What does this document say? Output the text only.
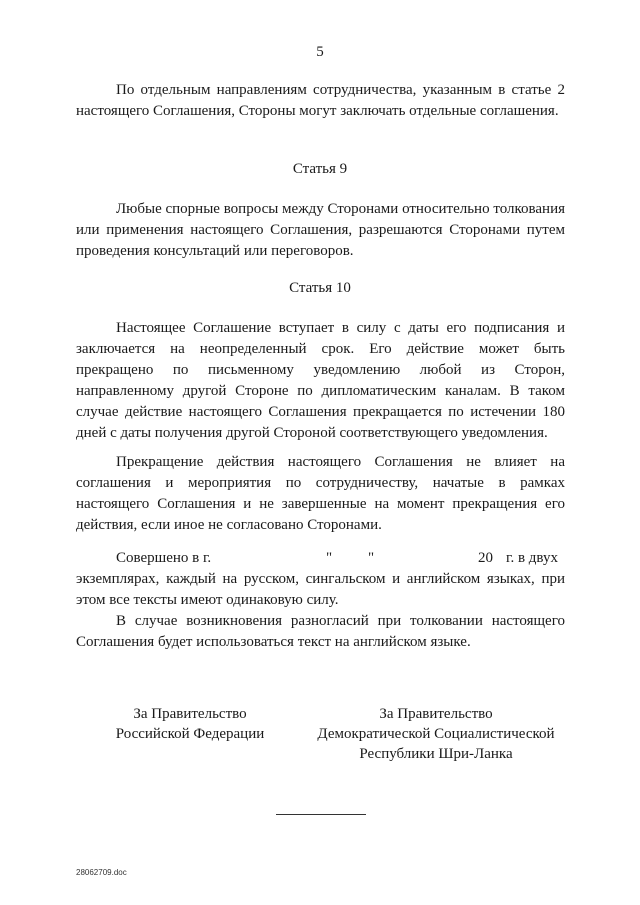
5

По отдельным направлениям сотрудничества, указанным в статье 2 настоящего Соглашения, Стороны могут заключать отдельные соглашения.

Статья 9

Любые спорные вопросы между Сторонами относительно толкования или применения настоящего Соглашения, разрешаются Сторонами путем проведения консультаций или переговоров.

Статья 10

Настоящее Соглашение вступает в силу с даты его подписания и заключается на неопределенный срок. Его действие может быть прекращено по письменному уведомлению любой из Сторон, направленному другой Стороне по дипломатическим каналам. В таком случае действие настоящего Соглашения прекращается по истечении 180 дней с даты получения другой Стороной соответствующего уведомления.

Прекращение действия настоящего Соглашения не влияет на соглашения и мероприятия по сотрудничеству, начатые в рамках настоящего Соглашения и не завершенные на момент прекращения его действия, если иное не согласовано Сторонами.

Совершено в г.	" "	20 г. в двух

экземплярах, каждый на русском, сингальском и английском языках, при этом все тексты имеют одинаковую силу.

В случае возникновения разногласий при толковании настоящего Соглашения будет использоваться текст на английском языке.

За Правительство
Российской Федерации
За Правительство
Демократической Социалистической
Республики Шри-Ланка
28062709.doc
